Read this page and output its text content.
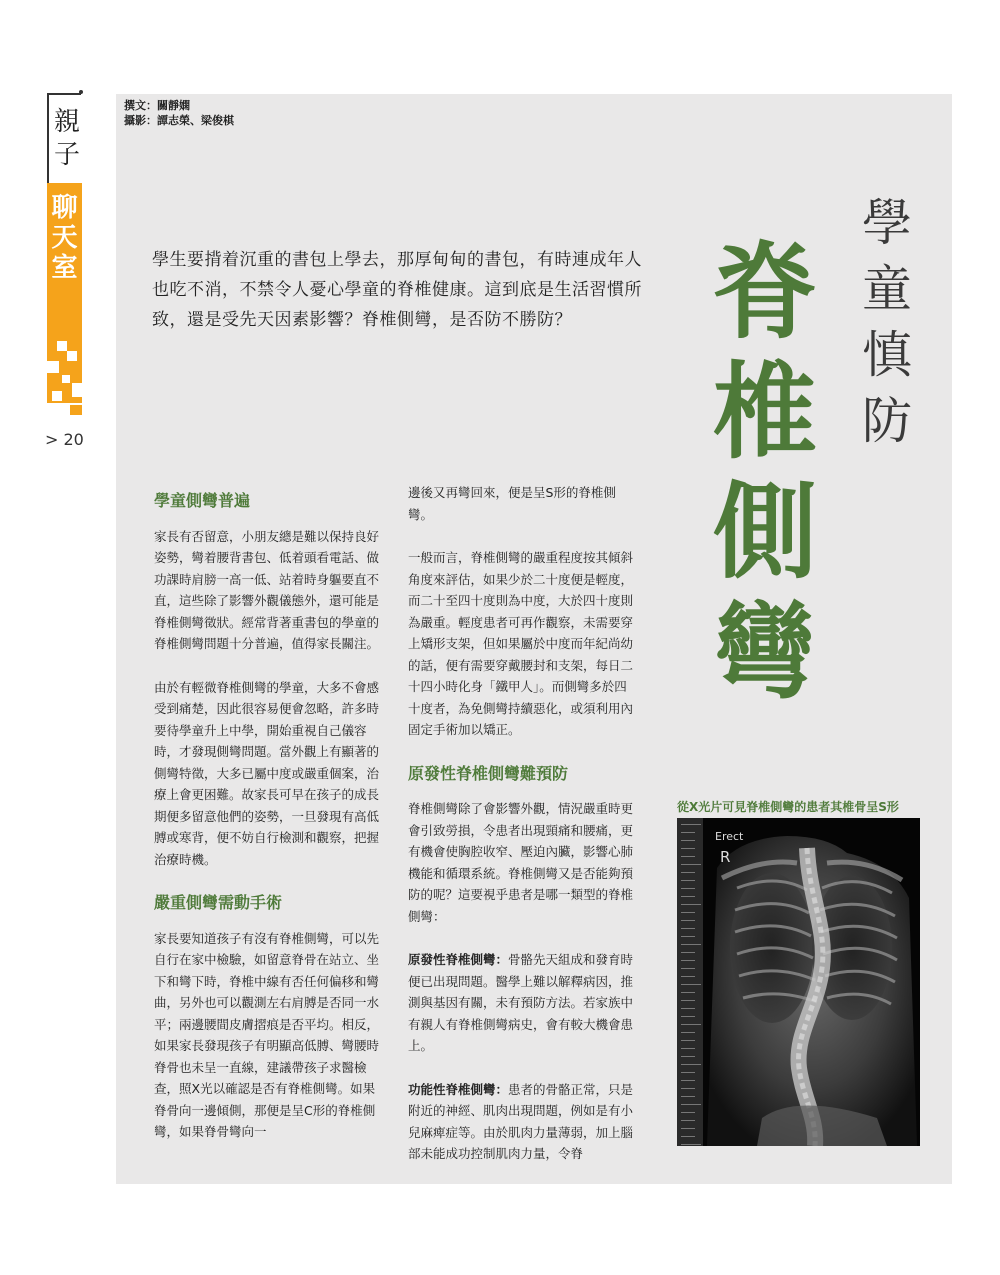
親
子
聊
天
室
> 20
撰文：關靜嫻
攝影：譚志榮、梁俊棋
學生要揹着沉重的書包上學去，那厚甸甸的書包，有時連成年人也吃不消，不禁令人憂心學童的脊椎健康。這到底是生活習慣所致，還是受先天因素影響？脊椎側彎，是否防不勝防？
學
童
慎
防
脊
椎
側
彎
學童側彎普遍

家長有否留意，小朋友總是難以保持良好姿勢，彎着腰背書包、低着頭看電話、做功課時肩膀一高一低、站着時身軀要直不直，這些除了影響外觀儀態外，還可能是脊椎側彎徵狀。經常背著重書包的學童的脊椎側彎問題十分普遍，值得家長關注。

由於有輕微脊椎側彎的學童，大多不會感受到痛楚，因此很容易便會忽略，許多時要待學童升上中學，開始重視自己儀容時，才發現側彎問題。當外觀上有顯著的側彎特徵，大多已屬中度或嚴重個案，治療上會更困難。故家長可早在孩子的成長期便多留意他們的姿勢，一旦發現有高低膊或寒背，便不妨自行檢測和觀察，把握治療時機。

嚴重側彎需動手術

家長要知道孩子有沒有脊椎側彎，可以先自行在家中檢驗，如留意脊骨在站立、坐下和彎下時，脊椎中線有否任何偏移和彎曲，另外也可以觀測左右肩膊是否同一水平；兩邊腰間皮膚摺痕是否平均。相反，如果家長發現孩子有明顯高低膊、彎腰時脊骨也未呈一直線，建議帶孩子求醫檢查，照X光以確認是否有脊椎側彎。如果脊骨向一邊傾側，那便是呈C形的脊椎側彎，如果脊骨彎向一

邊後又再彎回來，便是呈S形的脊椎側彎。

一般而言，脊椎側彎的嚴重程度按其傾斜角度來評估，如果少於二十度便是輕度，而二十至四十度則為中度，大於四十度則為嚴重。輕度患者可再作觀察，未需要穿上矯形支架，但如果屬於中度而年紀尚幼的話，便有需要穿戴腰封和支架，每日二十四小時化身「鐵甲人」。而側彎多於四十度者，為免側彎持續惡化，或須利用內固定手術加以矯正。

原發性脊椎側彎難預防

脊椎側彎除了會影響外觀，情況嚴重時更會引致勞損，令患者出現頸痛和腰痛，更有機會使胸腔收窄、壓迫內臟，影響心肺機能和循環系統。脊椎側彎又是否能夠預防的呢？這要視乎患者是哪一類型的脊椎側彎：

原發性脊椎側彎：骨骼先天組成和發育時便已出現問題。醫學上難以解釋病因，推測與基因有關，未有預防方法。若家族中有親人有脊椎側彎病史，會有較大機會患上。

功能性脊椎側彎：患者的骨骼正常，只是附近的神經、肌肉出現問題，例如是有小兒麻痺症等。由於肌肉力量薄弱，加上腦部未能成功控制肌肉力量，令脊

從X光片可見脊椎側彎的患者其椎骨呈S形
Erect
R
